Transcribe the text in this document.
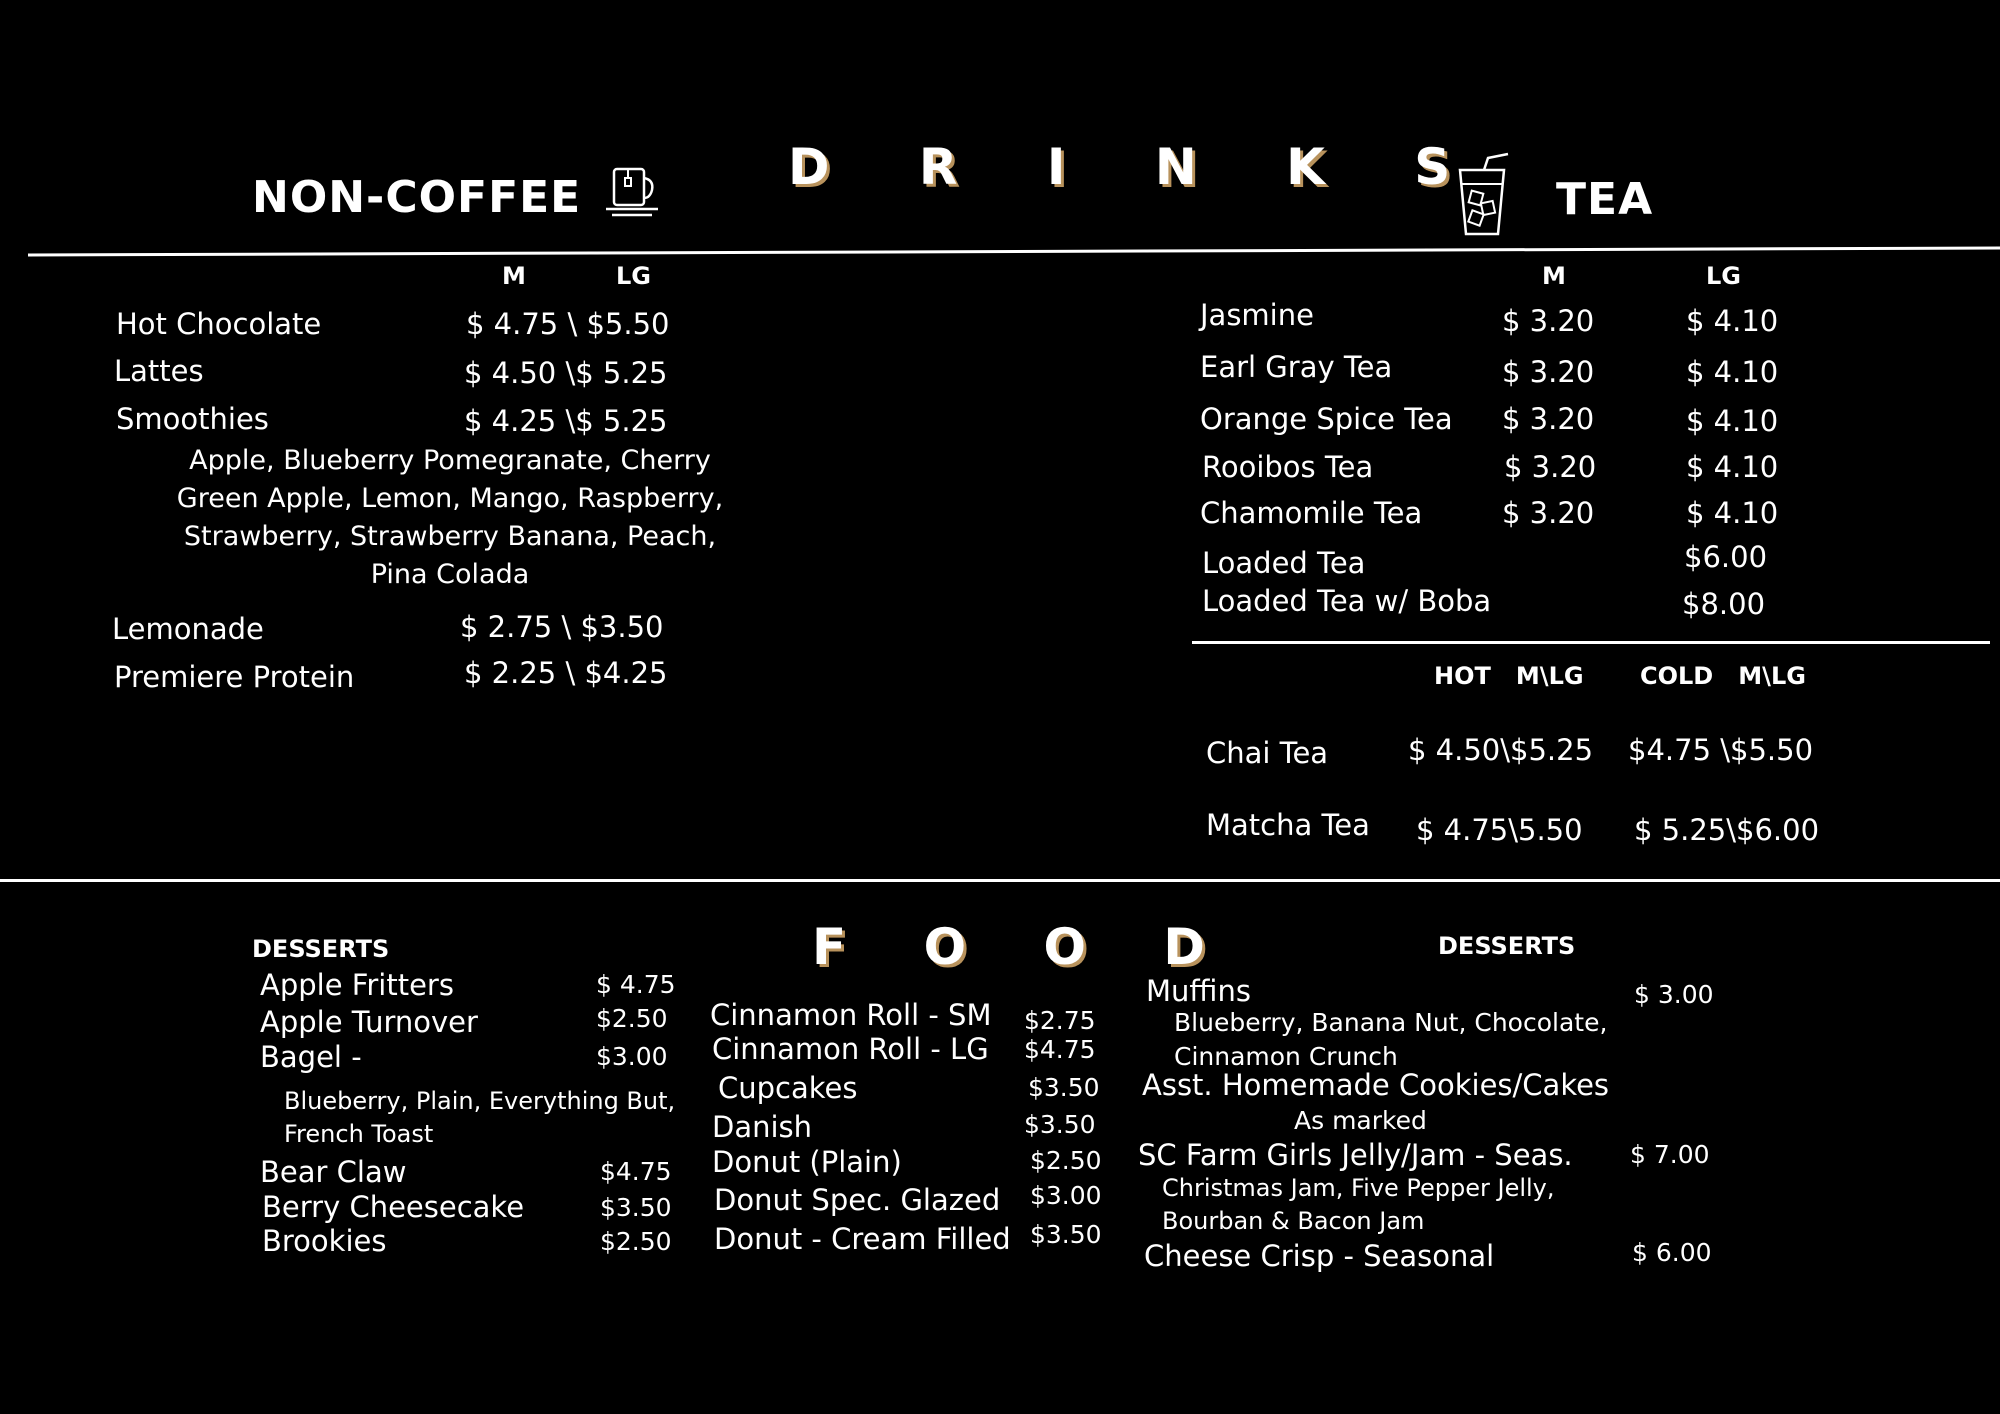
D R I N K S
NON-COFFEE	TEA
M	LG
Hot Chocolate	$ 4.75 \ $5.50
Lattes	$ 4.50 \$ 5.25
Smoothies	$ 4.25 \$ 5.25
Apple, Blueberry Pomegranate, Cherry Green Apple, Lemon, Mango, Raspberry, Strawberry, Strawberry Banana, Peach, Pina Colada
Lemonade	$ 2.75 \ $3.50
Premiere Protein	$ 2.25 \ $4.25
M	LG
Jasmine	$ 3.20	$ 4.10
Earl Gray Tea	$ 3.20	$ 4.10
Orange Spice Tea $ 3.20	$ 4.10
Rooibos Tea	$ 3.20	$ 4.10
Chamomile Tea	$ 3.20	$ 4.10
Loaded Tea	$6.00
Loaded Tea w/ Boba	$8.00
HOT   M\LG COLD   M\LG
Chai Tea	$ 4.50\$5.25 $4.75 \$5.50
Matcha Tea $ 4.75\5.50 $ 5.25\$6.00
F O O D
DESSERTS
Apple Fritters	$ 4.75
Apple Turnover	$2.50
Bagel -	$3.00
Blueberry, Plain, Everything But, French Toast
Bear Claw	$4.75
Berry Cheesecake	$3.50
Brookies	$2.50
Cinnamon Roll - SM $2.75
Cinnamon Roll - LG $4.75
Cupcakes	$3.50
Danish	$3.50
Donut (Plain)	$2.50
Donut Spec. Glazed $3.00
Donut - Cream Filled $3.50
DESSERTS
Muffins	$ 3.00
Blueberry, Banana Nut, Chocolate, Cinnamon Crunch
Asst. Homemade Cookies/Cakes
As marked
SC Farm Girls Jelly/Jam - Seas. $ 7.00
Christmas Jam, Five Pepper Jelly, Bourban & Bacon Jam
Cheese Crisp - Seasonal	$ 6.00
